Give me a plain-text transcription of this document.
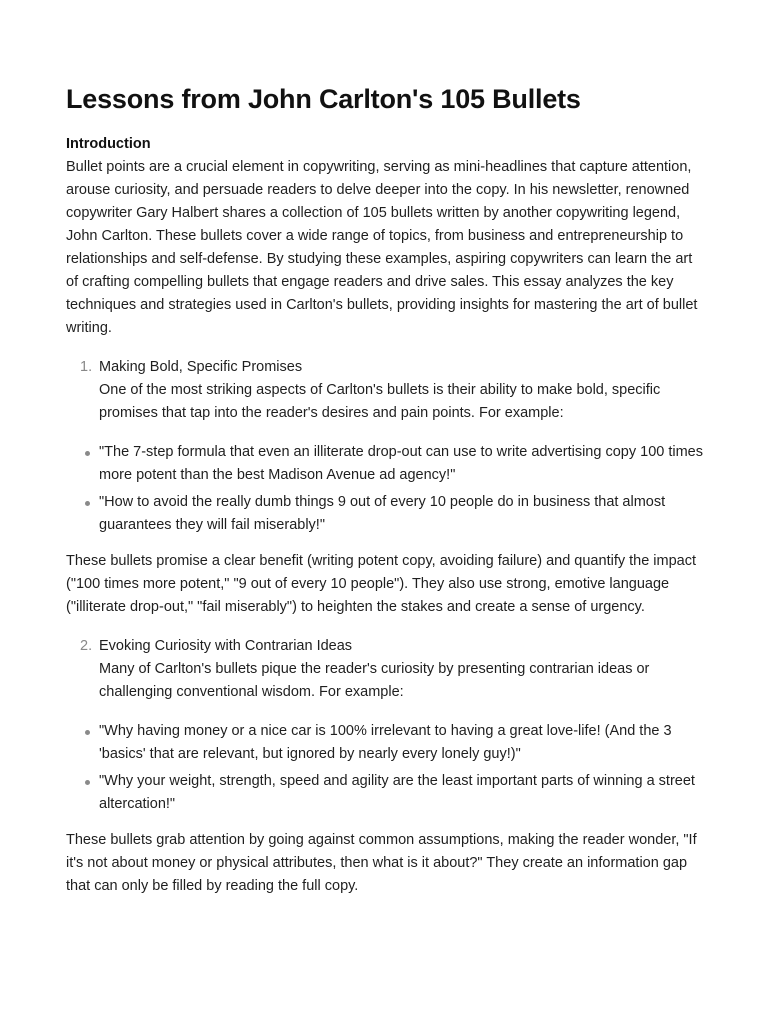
Lessons from John Carlton's 105 Bullets
Introduction

Bullet points are a crucial element in copywriting, serving as mini-headlines that capture attention, arouse curiosity, and persuade readers to delve deeper into the copy. In his newsletter, renowned copywriter Gary Halbert shares a collection of 105 bullets written by another copywriting legend, John Carlton. These bullets cover a wide range of topics, from business and entrepreneurship to relationships and self-defense. By studying these examples, aspiring copywriters can learn the art of crafting compelling bullets that engage readers and drive sales. This essay analyzes the key techniques and strategies used in Carlton's bullets, providing insights for mastering the art of bullet writing.

1. Making Bold, Specific Promises
One of the most striking aspects of Carlton's bullets is their ability to make bold, specific promises that tap into the reader's desires and pain points. For example:
"The 7-step formula that even an illiterate drop-out can use to write advertising copy 100 times more potent than the best Madison Avenue ad agency!"
"How to avoid the really dumb things 9 out of every 10 people do in business that almost guarantees they will fail miserably!"

These bullets promise a clear benefit (writing potent copy, avoiding failure) and quantify the impact ("100 times more potent," "9 out of every 10 people"). They also use strong, emotive language ("illiterate drop-out," "fail miserably") to heighten the stakes and create a sense of urgency.

2. Evoking Curiosity with Contrarian Ideas
Many of Carlton's bullets pique the reader's curiosity by presenting contrarian ideas or challenging conventional wisdom. For example:
"Why having money or a nice car is 100% irrelevant to having a great love-life! (And the 3 'basics' that are relevant, but ignored by nearly every lonely guy!)"
"Why your weight, strength, speed and agility are the least important parts of winning a street altercation!"

These bullets grab attention by going against common assumptions, making the reader wonder, "If it's not about money or physical attributes, then what is it about?" They create an information gap that can only be filled by reading the full copy.
